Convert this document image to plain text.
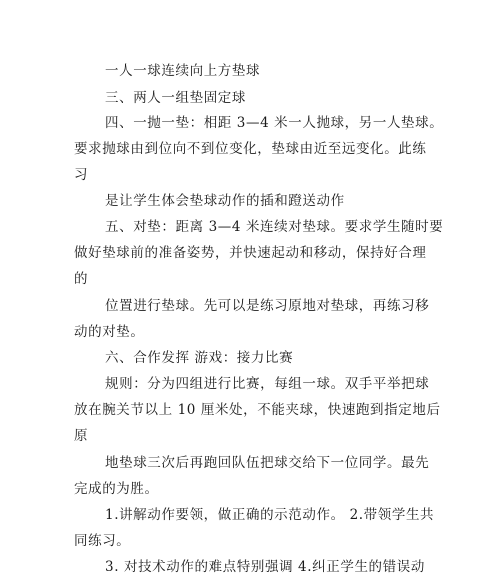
一人一球连续向上方垫球
三、两人一组垫固定球
四、一抛一垫：相距 3—4 米一人抛球，另一人垫球。
要求抛球由到位向不到位变化，垫球由近至远变化。此练
习
是让学生体会垫球动作的插和蹬送动作
五、对垫：距离 3—4 米连续对垫球。要求学生随时要
做好垫球前的准备姿势，并快速起动和移动，保持好合理
的
位置进行垫球。先可以是练习原地对垫球，再练习移
动的对垫。
六、合作发挥 游戏：接力比赛
规则：分为四组进行比赛，每组一球。双手平举把球
放在腕关节以上 10 厘米处，不能夹球，快速跑到指定地后
原
地垫球三次后再跑回队伍把球交给下一位同学。最先
完成的为胜。
1.讲解动作要领，做正确的示范动作。 2.带领学生共
同练习。
3. 对技术动作的难点特别强调 4.纠正学生的错误动
